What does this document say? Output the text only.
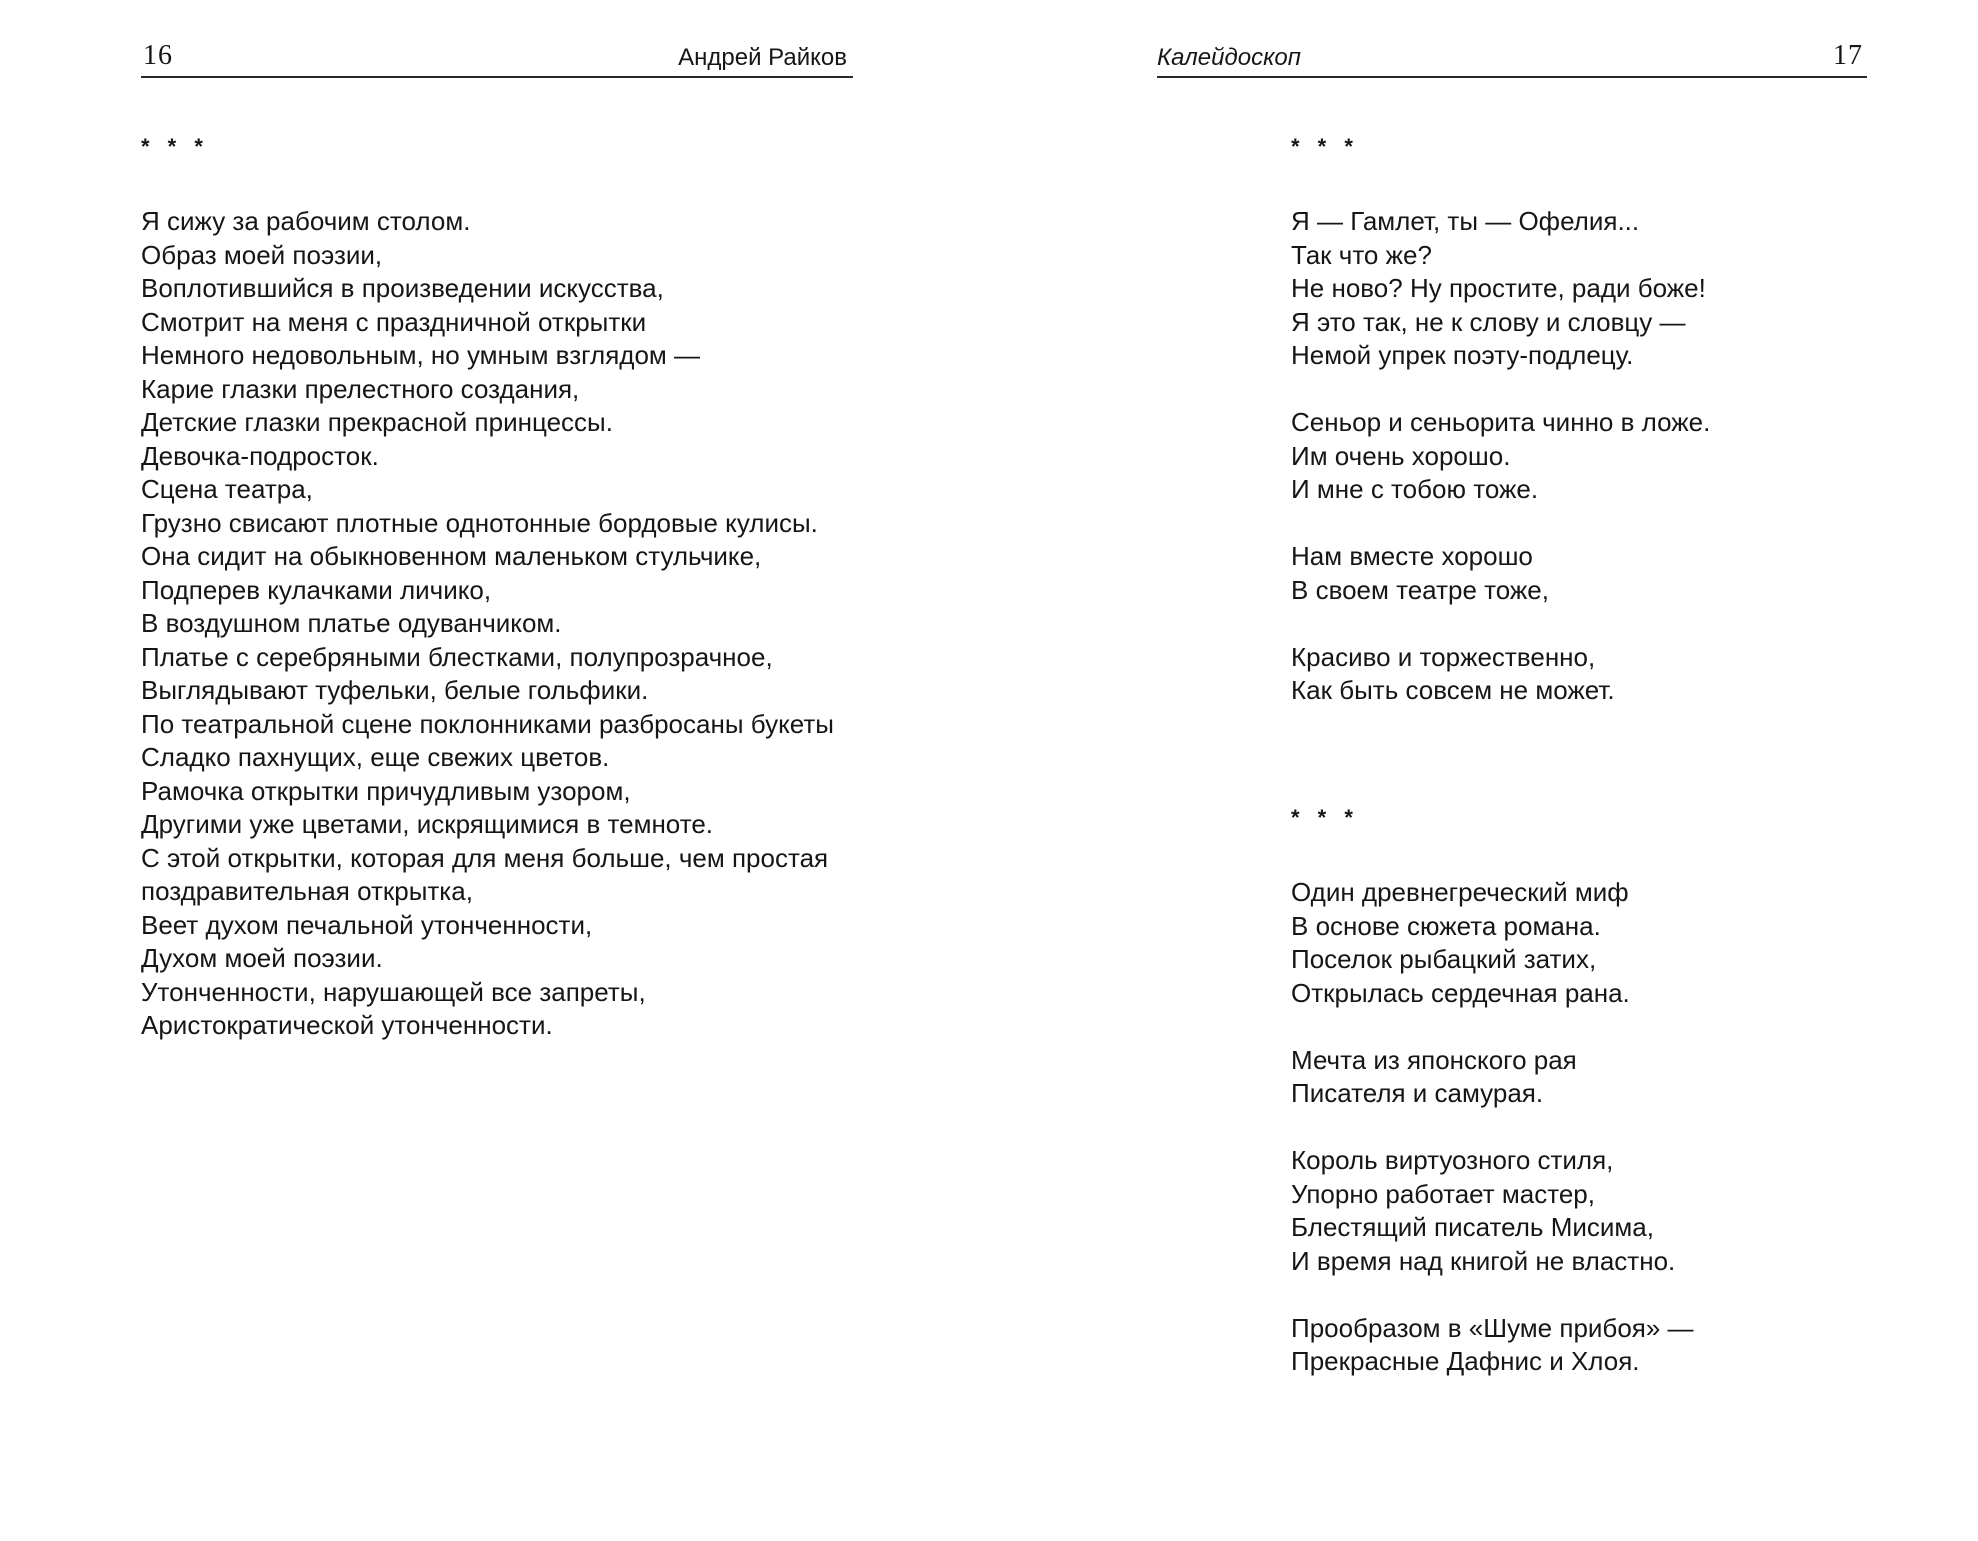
16	Андрей Райков
* * *
Я сижу за рабочим столом.
Образ моей поэзии,
Воплотившийся в произведении искусства,
Смотрит на меня с праздничной открытки
Немного недовольным, но умным взглядом —
Карие глазки прелестного создания,
Детские глазки прекрасной принцессы.
Девочка-подросток.
Сцена театра,
Грузно свисают плотные однотонные бордовые кулисы.
Она сидит на обыкновенном маленьком стульчике,
Подперев кулачками личико,
В воздушном платье одуванчиком.
Платье с серебряными блестками, полупрозрачное,
Выглядывают туфельки, белые гольфики.
По театральной сцене поклонниками разбросаны букеты
Сладко пахнущих, еще свежих цветов.
Рамочка открытки причудливым узором,
Другими уже цветами, искрящимися в темноте.
С этой открытки, которая для меня больше, чем простая
поздравительная открытка,
Веет духом печальной утонченности,
Духом моей поэзии.
Утонченности, нарушающей все запреты,
Аристократической утонченности.
Калейдоскоп	17
* * *
Я — Гамлет, ты — Офелия...
Так что же?
Не ново? Ну простите, ради боже!
Я это так, не к слову и словцу —
Немой упрек поэту-подлецу.
Сеньор и сеньорита чинно в ложе.
Им очень хорошо.
И мне с тобою тоже.
Нам вместе хорошо
В своем театре тоже,
Красиво и торжественно,
Как быть совсем не может.
* * *
Один древнегреческий миф
В основе сюжета романа.
Поселок рыбацкий затих,
Открылась сердечная рана.
Мечта из японского рая
Писателя и самурая.
Король виртуозного стиля,
Упорно работает мастер,
Блестящий писатель Мисима,
И время над книгой не властно.
Прообразом в «Шуме прибоя» —
Прекрасные Дафнис и Хлоя.
